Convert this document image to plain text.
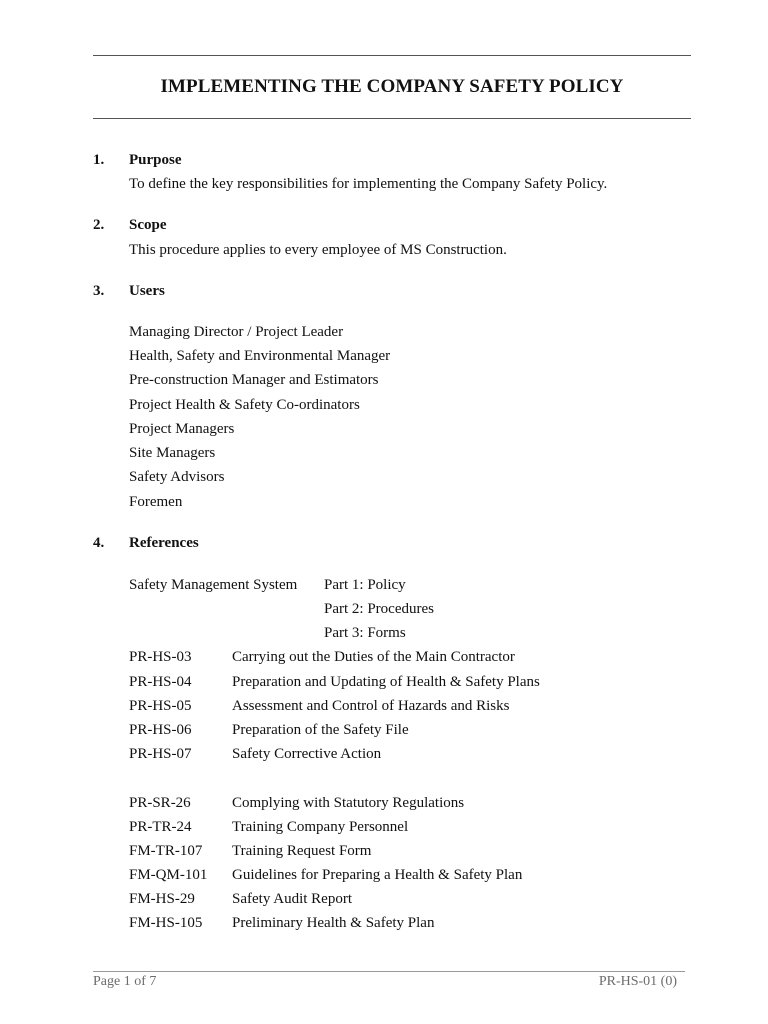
IMPLEMENTING THE COMPANY SAFETY POLICY
1. Purpose
To define the key responsibilities for implementing the Company Safety Policy.
2. Scope
This procedure applies to every employee of MS Construction.
3. Users
Managing Director / Project Leader
Health, Safety and Environmental Manager
Pre-construction Manager and Estimators
Project Health & Safety Co-ordinators
Project Managers
Site Managers
Safety Advisors
Foremen
4. References
Safety Management System Part 1: Policy
Part 2: Procedures
Part 3: Forms
PR-HS-03	Carrying out the Duties of the Main Contractor
PR-HS-04	Preparation and Updating of Health & Safety Plans
PR-HS-05	Assessment and Control of Hazards and Risks
PR-HS-06	Preparation of the Safety File
PR-HS-07	Safety Corrective Action
PR-SR-26	Complying with Statutory Regulations
PR-TR-24	Training Company Personnel
FM-TR-107 Training Request Form
FM-QM-101 Guidelines for Preparing a Health & Safety Plan
FM-HS-29 Safety Audit Report
FM-HS-105 Preliminary Health & Safety Plan
Page 1 of 7	PR-HS-01 (0)
